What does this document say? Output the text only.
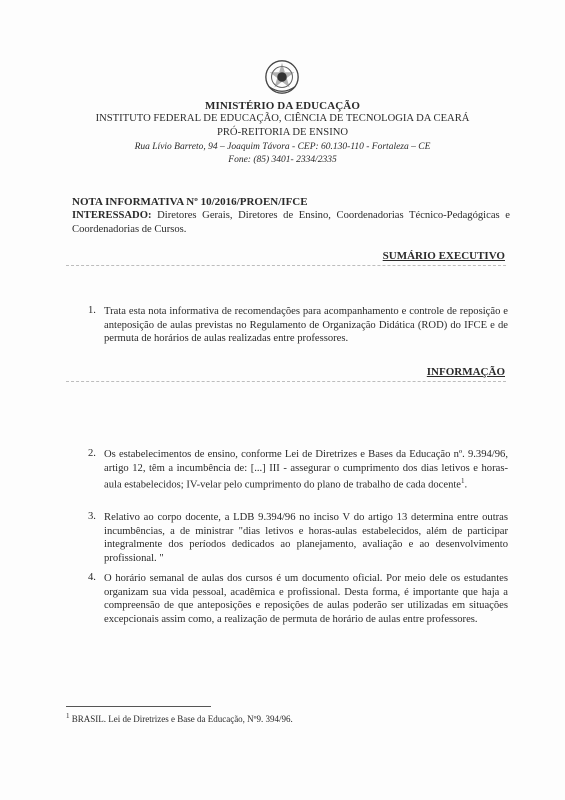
MINISTÉRIO DA EDUCAÇÃO
INSTITUTO FEDERAL DE EDUCAÇÃO, CIÊNCIA DE TECNOLOGIA DA CEARÁ
PRÓ-REITORIA DE ENSINO
Rua Lívio Barreto, 94 – Joaquim Távora - CEP: 60.130-110 - Fortaleza – CE
Fone: (85) 3401- 2334/2335
NOTA INFORMATIVA Nº 10/2016/PROEN/IFCE
INTERESSADO: Diretores Gerais, Diretores de Ensino, Coordenadorias Técnico-Pedagógicas e Coordenadorias de Cursos.
SUMÁRIO EXECUTIVO
1. Trata esta nota informativa de recomendações para acompanhamento e controle de reposição e anteposição de aulas previstas no Regulamento de Organização Didática (ROD) do IFCE e de permuta de horários de aulas realizadas entre professores.
INFORMAÇÃO
2. Os estabelecimentos de ensino, conforme Lei de Diretrizes e Bases da Educação nº. 9.394/96, artigo 12, têm a incumbência de: [...] III - assegurar o cumprimento dos dias letivos e horas-aula estabelecidos; IV-velar pelo cumprimento do plano de trabalho de cada docente$^1$.
3. Relativo ao corpo docente, a LDB 9.394/96 no inciso V do artigo 13 determina entre outras incumbências, a de ministrar "dias letivos e horas-aulas estabelecidos, além de participar integralmente dos períodos dedicados ao planejamento, avaliação e ao desenvolvimento profissional. "
4. O horário semanal de aulas dos cursos é um documento oficial. Por meio dele os estudantes organizam sua vida pessoal, acadêmica e profissional. Desta forma, é importante que haja a compreensão de que anteposições e reposições de aulas poderão ser utilizadas em situações excepcionais assim como, a realização de permuta de horário de aulas entre professores.
$^1$ BRASIL. Lei de Diretrizes e Base da Educação, Nº9. 394/96.
